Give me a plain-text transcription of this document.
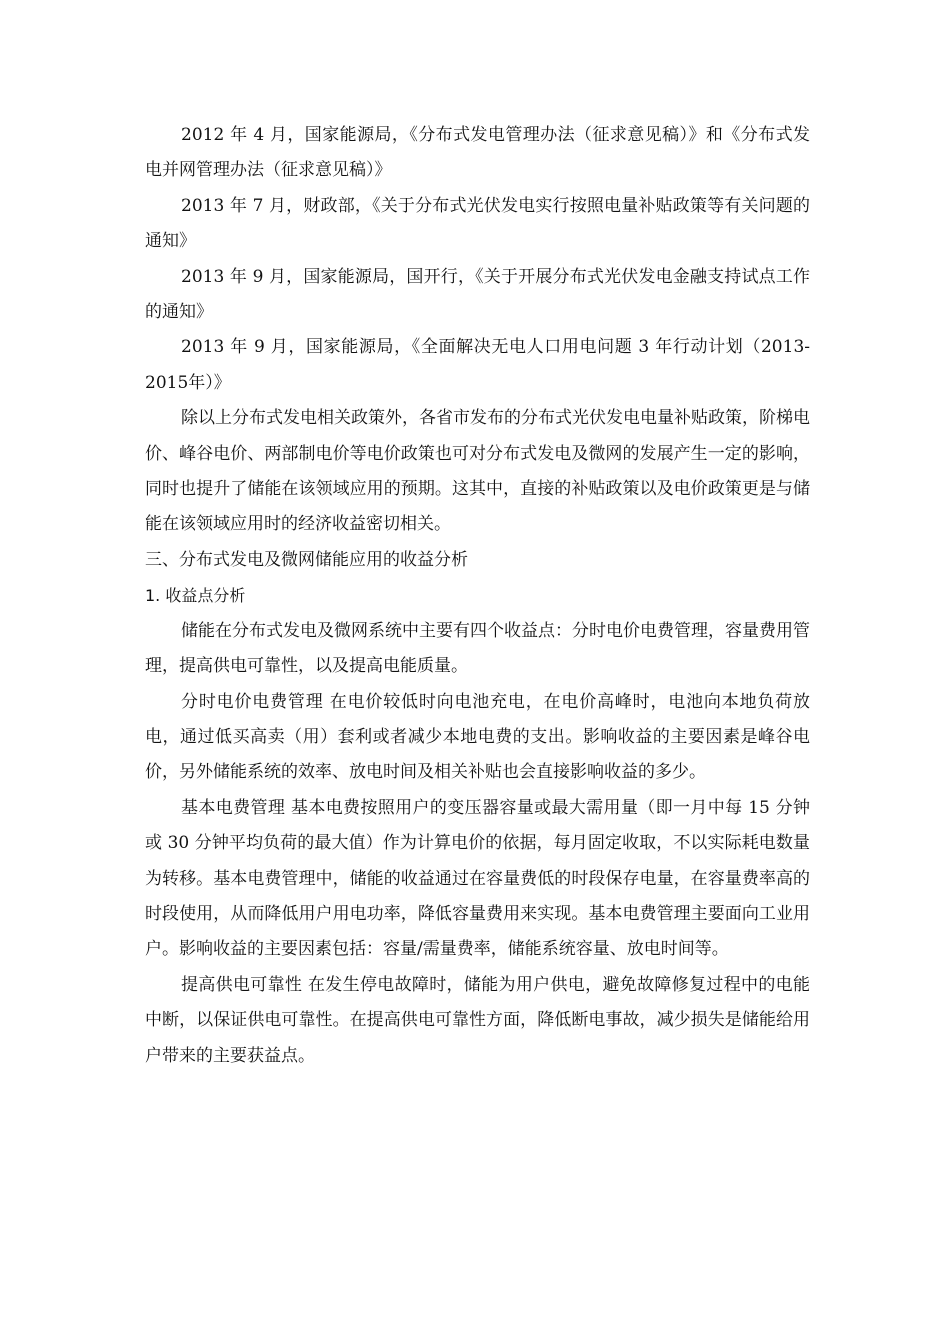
2012 年 4 月，国家能源局，《分布式发电管理办法（征求意见稿）》和《分布式发电并网管理办法（征求意见稿）》

2013 年 7 月，财政部，《关于分布式光伏发电实行按照电量补贴政策等有关问题的通知》

2013 年 9 月，国家能源局，国开行，《关于开展分布式光伏发电金融支持试点工作的通知》

2013 年 9 月，国家能源局，《全面解决无电人口用电问题 3 年行动计划（2013-2015年）》

除以上分布式发电相关政策外，各省市发布的分布式光伏发电电量补贴政策，阶梯电价、峰谷电价、两部制电价等电价政策也可对分布式发电及微网的发展产生一定的影响，同时也提升了储能在该领域应用的预期。这其中，直接的补贴政策以及电价政策更是与储能在该领域应用时的经济收益密切相关。

三、分布式发电及微网储能应用的收益分析

1. 收益点分析

储能在分布式发电及微网系统中主要有四个收益点：分时电价电费管理，容量费用管理，提高供电可靠性，以及提高电能质量。

分时电价电费管理 在电价较低时向电池充电，在电价高峰时，电池向本地负荷放电，通过低买高卖（用）套利或者减少本地电费的支出。影响收益的主要因素是峰谷电价，另外储能系统的效率、放电时间及相关补贴也会直接影响收益的多少。

基本电费管理 基本电费按照用户的变压器容量或最大需用量（即一月中每 15 分钟或 30 分钟平均负荷的最大值）作为计算电价的依据，每月固定收取，不以实际耗电数量为转移。基本电费管理中，储能的收益通过在容量费低的时段保存电量，在容量费率高的时段使用，从而降低用户用电功率，降低容量费用来实现。基本电费管理主要面向工业用户。影响收益的主要因素包括：容量/需量费率，储能系统容量、放电时间等。

提高供电可靠性 在发生停电故障时，储能为用户供电，避免故障修复过程中的电能中断，以保证供电可靠性。在提高供电可靠性方面，降低断电事故，减少损失是储能给用户带来的主要获益点。
